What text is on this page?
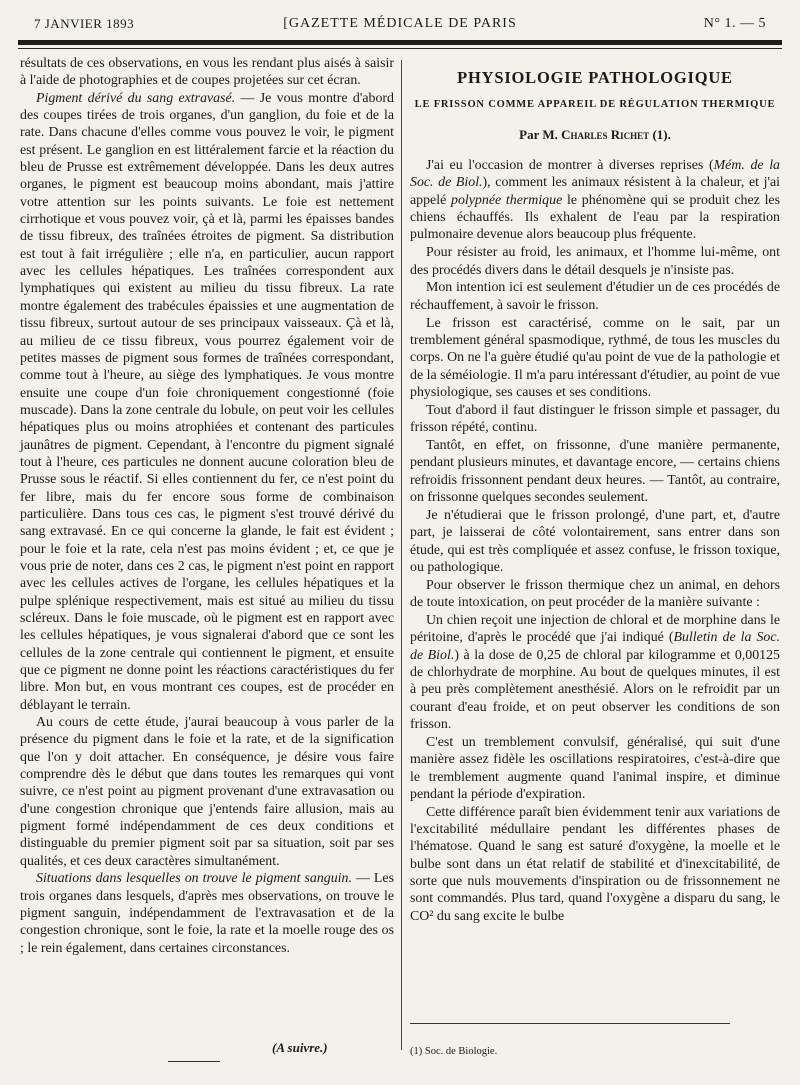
7 JANVIER 1893	[GAZETTE MÉDICALE DE PARIS	N° 1. — 5

résultats de ces observations, en vous les rendant plus aisés à saisir à l'aide de photographies et de coupes projetées sur cet écran.

Pigment dérivé du sang extravasé. — Je vous montre d'abord des coupes tirées de trois organes, d'un ganglion, du foie et de la rate. Dans chacune d'elles comme vous pouvez le voir, le pigment est présent. Le ganglion en est littéralement farcie et la réaction du bleu de Prusse est extrêmement développée. Dans les deux autres organes, le pigment est beaucoup moins abondant, mais j'attire votre attention sur les points suivants. Le foie est nettement cirrhotique et vous pouvez voir, çà et là, parmi les épaisses bandes de tissu fibreux, des traînées étroites de pigment. Sa distribution est tout à fait irrégulière ; elle n'a, en particulier, aucun rapport avec les cellules hépatiques. Les traînées correspondent aux lymphatiques qui existent au milieu du tissu fibreux. La rate montre également des trabécules épaissies et une augmentation de tissu fibreux, surtout autour de ses principaux vaisseaux. Çà et là, au milieu de ce tissu fibreux, vous pourrez également voir de petites masses de pigment sous formes de traînées correspondant, comme tout à l'heure, au siège des lymphatiques. Je vous montre ensuite une coupe d'un foie chroniquement congestionné (foie muscade). Dans la zone centrale du lobule, on peut voir les cellules hépatiques plus ou moins atrophiées et contenant des particules jaunâtres de pigment. Cependant, à l'encontre du pigment signalé tout à l'heure, ces particules ne donnent aucune coloration bleu de Prusse sous le réactif. Si elles contiennent du fer, ce n'est point du fer libre, mais du fer encore sous forme de combinaison particulière. Dans tous ces cas, le pigment s'est trouvé dérivé du sang extravasé. En ce qui concerne la glande, le fait est évident ; pour le foie et la rate, cela n'est pas moins évident ; et, ce que je vous prie de noter, dans ces 2 cas, le pigment n'est point en rapport avec les cellules actives de l'organe, les cellules hépatiques et la pulpe splénique respectivement, mais est situé au milieu du tissu scléreux. Dans le foie muscade, où le pigment est en rapport avec les cellules hépatiques, je vous signalerai d'abord que ce sont les cellules de la zone centrale qui contiennent le pigment, et ensuite que ce pigment ne donne point les réactions caractéristiques du fer libre. Mon but, en vous montrant ces coupes, est de procéder en déblayant le terrain.

Au cours de cette étude, j'aurai beaucoup à vous parler de la présence du pigment dans le foie et la rate, et de la signification que l'on y doit attacher. En conséquence, je désire vous faire comprendre dès le début que dans toutes les remarques qui vont suivre, ce n'est point au pigment provenant d'une extravasation ou d'une congestion chronique que j'entends faire allusion, mais au pigment formé indépendamment de ces deux conditions et distinguable du premier pigment soit par sa situation, soit par ses qualités, et ces deux caractères simultanément.

Situations dans lesquelles on trouve le pigment sanguin. — Les trois organes dans lesquels, d'après mes observations, on trouve le pigment sanguin, indépendamment de l'extravasation et de la congestion chronique, sont le foie, la rate et la moelle rouge des os ; le rein également, dans certaines circonstances.

(A suivre.)
PHYSIOLOGIE PATHOLOGIQUE
LE FRISSON COMME APPAREIL DE RÉGULATION THERMIQUE
Par M. Charles Richet (1).

J'ai eu l'occasion de montrer à diverses reprises (Mém. de la Soc. de Biol.), comment les animaux résistent à la chaleur, et j'ai appelé polypnée thermique le phénomène qui se produit chez les chiens échauffés. Ils exhalent de l'eau par la respiration pulmonaire devenue alors beaucoup plus fréquente.

Pour résister au froid, les animaux, et l'homme lui-même, ont des procédés divers dans le détail desquels je n'insiste pas.

Mon intention ici est seulement d'étudier un de ces procédés de réchauffement, à savoir le frisson.

Le frisson est caractérisé, comme on le sait, par un tremblement général spasmodique, rythmé, de tous les muscles du corps. On ne l'a guère étudié qu'au point de vue de la pathologie et de la séméiologie. Il m'a paru intéressant d'étudier, au point de vue physiologique, ses causes et ses conditions.

Tout d'abord il faut distinguer le frisson simple et passager, du frisson répété, continu.

Tantôt, en effet, on frissonne, d'une manière permanente, pendant plusieurs minutes, et davantage encore, — certains chiens refroidis frissonnent pendant deux heures. — Tantôt, au contraire, on frissonne quelques secondes seulement.

Je n'étudierai que le frisson prolongé, d'une part, et, d'autre part, je laisserai de côté volontairement, sans entrer dans son étude, qui est très compliquée et assez confuse, le frisson toxique, ou pathologique.

Pour observer le frisson thermique chez un animal, en dehors de toute intoxication, on peut procéder de la manière suivante :

Un chien reçoit une injection de chloral et de morphine dans le péritoine, d'après le procédé que j'ai indiqué (Bulletin de la Soc. de Biol.) à la dose de 0,25 de chloral par kilogramme et 0,00125 de chlorhydrate de morphine. Au bout de quelques minutes, il est à peu près complètement anesthésié. Alors on le refroidit par un courant d'eau froide, et on peut observer les conditions de son frisson.

C'est un tremblement convulsif, généralisé, qui suit d'une manière assez fidèle les oscillations respiratoires, c'est-à-dire que le tremblement augmente quand l'animal inspire, et diminue pendant la période d'expiration.

Cette différence paraît bien évidemment tenir aux variations de l'excitabilité médullaire pendant les différentes phases de l'hématose. Quand le sang est saturé d'oxygène, la moelle et le bulbe sont dans un état relatif de stabilité et d'inexcitabilité, de sorte que nuls mouvements d'inspiration ou de frissonnement ne sont commandés. Plus tard, quand l'oxygène a disparu du sang, le CO² du sang excite le bulbe

(1) Soc. de Biologie.
